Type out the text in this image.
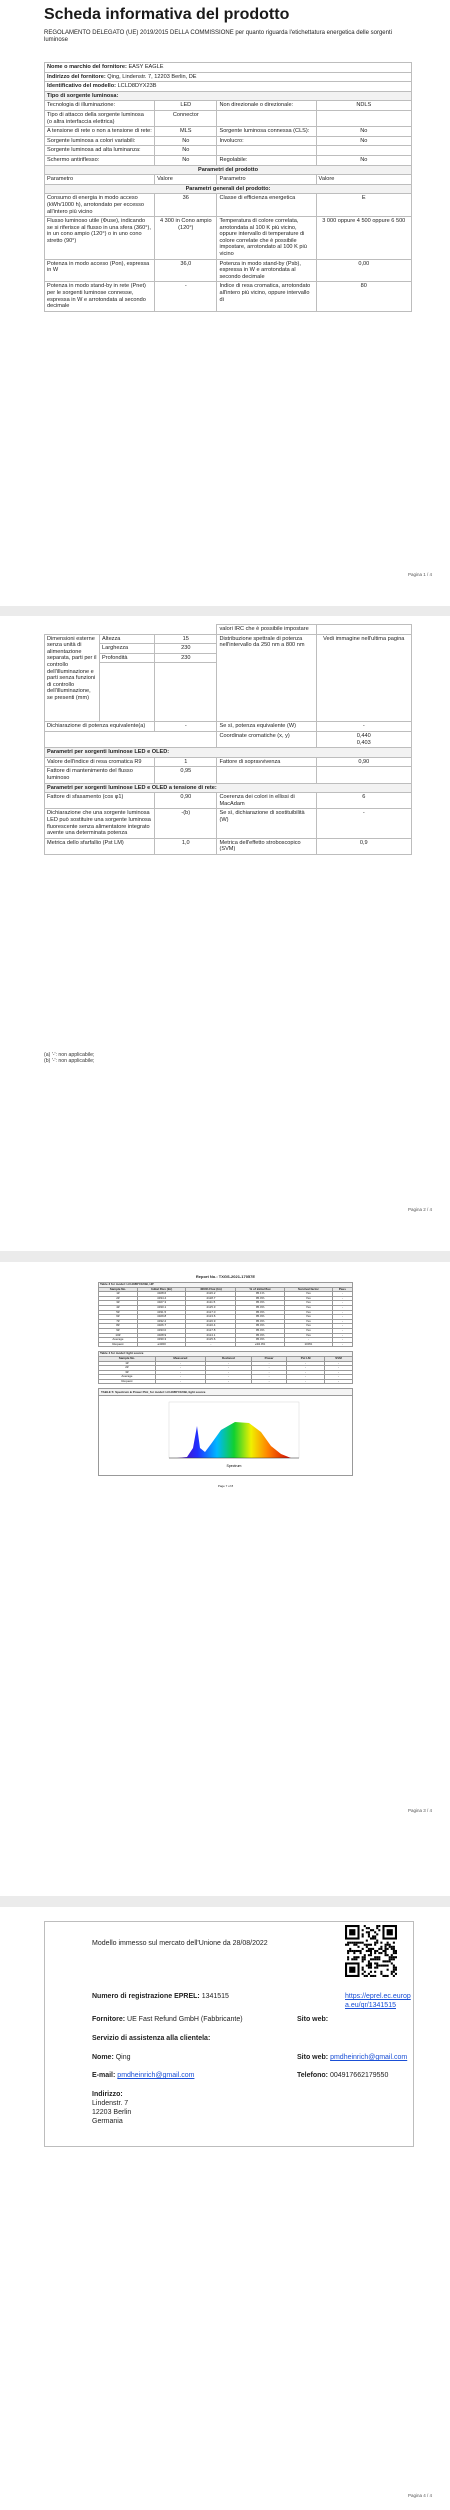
Scheda informativa del prodotto
REGOLAMENTO DELEGATO (UE) 2019/2015 DELLA COMMISSIONE per quanto riguarda l'etichettatura energetica delle sorgenti luminose
Nome o marchio del fornitore: EASY EAGLE			
Indirizzo del fornitore: Qing, Lindenstr. 7, 12203 Berlin, DE			
Identificativo del modello: LCLD8DYX23B			
Tipo di sorgente luminosa:			
Tecnologia di illuminazione:	LED	Non direzionale o direzionale:	NDLS
Tipo di attacco della sorgente luminosa
(o altra interfaccia elettrica)	Connector		
A tensione di rete o non a tensione di rete:	MLS	Sorgente luminosa connessa (CLS):	No
Sorgente luminosa a colori variabili:	No	Involucro:	No
Sorgente luminosa ad alta luminanza:	No		
Schermo antiriflesso:	No	Regolabile:	No
Parametri del prodotto			
Parametro	Valore	Parametro	Valore
Parametri generali del prodotto:			
Consumo di energia in modo acceso (kWh/1000 h), arrotondato per eccesso all'intero più vicino	36	Classe di efficienza energetica	E
Flusso luminoso utile (Φuse), indicando se si riferisce al flusso in una sfera (360°), in un cono ampio (120°) o in uno cono stretto (90°)	4 300 in Cono ampio (120°)	Temperatura di colore correlata, arrotondata al 100 K più vicino, oppure intervallo di temperature di colore correlate che è possibile impostare, arrotondato al 100 K più vicino	3 000 oppure 4 500 oppure 6 500
Potenza in modo acceso (Pon), espressa in W	36,0	Potenza in modo stand-by (Psb), espressa in W e arrotondata al secondo decimale	0,00
Potenza in modo stand-by in rete (Pnet) per le sorgenti luminose connesse, espressa in W e arrotondata al secondo decimale	-	Indice di resa cromatica, arrotondato all'intero più vicino, oppure intervallo di	80
Pagina 1 / 4
			valori IRC che è possibile impostare	
Dimensioni esterne senza unità di alimentazione separata, parti per il controllo dell'illuminazione e parti senza funzioni di controllo dell'illuminazione, se presenti (mm)	Altezza	15	Distribuzione spettrale di potenza nell'intervallo da 250 nm a 800 nm	Vedi immagine nell'ultima pagina
	Larghezza	230		
	Profondità	230		

Dichiarazione di potenza equivalente(a)		-	Se sì, potenza equivalente (W)	-
			Coordinate cromatiche (x, y)	0,440
0,403
Parametri per sorgenti luminose LED e OLED:				
Valore dell'indice di resa cromatica R9		1	Fattore di sopravvivenza	0,90
Fattore di mantenimento del flusso luminoso		0,95		
Parametri per sorgenti luminose LED e OLED a tensione di rete:				
Fattore di sfasamento (cos φ1)		0,90	Coerenza dei colori in ellissi di MacAdam	6
Dichiarazione che una sorgente luminosa LED può sostituire una sorgente luminosa fluorescente senza alimentatore integrato avente una determinata potenza		-(b)	Se sì, dichiarazione di sostituibilità (W)	-
Metrica dello sfarfallio (Pst LM)		1,0	Metrica dell'effetto stroboscopico (SVM)	0,9
(a) '-': non applicabile;
(b) '-': non applicabile;
Pagina 2 / 4
Report No.: TXGS-2021-17057E
Table 3 for model: LCLD8DYX23B, HP					
Sample No.	Initial Flux (lm)	4000h Flux (lm)	% of initial flux	Survival factor	Pass
1#	4328.6	4116.2	95.1%	Yes	-
2#	4334.4	4118.7	95.0%	Yes	-
3#	4327.3	4111.5	95.0%	Yes	-
4#	4330.1	4115.3	95.0%	Yes	-
5#	4331.5	4117.0	95.0%	Yes	-
6#	4329.8	4113.6	95.0%	Yes	-
7#	4332.2	4116.9	95.0%	Yes	-
8#	4326.7	4110.4	95.0%	Yes	-
9#	4333.0	4117.8	95.0%	Yes	-
10#	4328.9	4114.1	95.0%	Yes	-
Average	4330.3	4115.6	95.0%	-	-
Request	≥4300	-	≥94.0%	100%	-
Table 4 for model: light source					
Sample No.	Measured	Declared	Power	Pst LM	SVM
1#	-	-	-	-	-
2#	-	-	-	-	-
3#	-	-	-	-	-
Average	-	-	-	-	-
Request	-	-	-	-	-
TABLE 5: Spectrum & Power Plot_for model: LCLD8DYX23B, light source
Spectrum
Page 7 of 8
Pagina 3 / 4
Modello immesso sul mercato dell'Unione da 28/08/2022
Numero di registrazione EPREL: 1341515	https://eprel.ec.europa.eu/qr/1341515
Fornitore: UE Fast Refund GmbH (Fabbricante)	Sito web:
Servizio di assistenza alla clientela:
Nome: Qing	Sito web: pmdheinrich@gmail.com
E-mail: pmdheinrich@gmail.com	Telefono: 004917662179550
Indirizzo:
Lindenstr. 7
12203 Berlin
Germania
Pagina 4 / 4
